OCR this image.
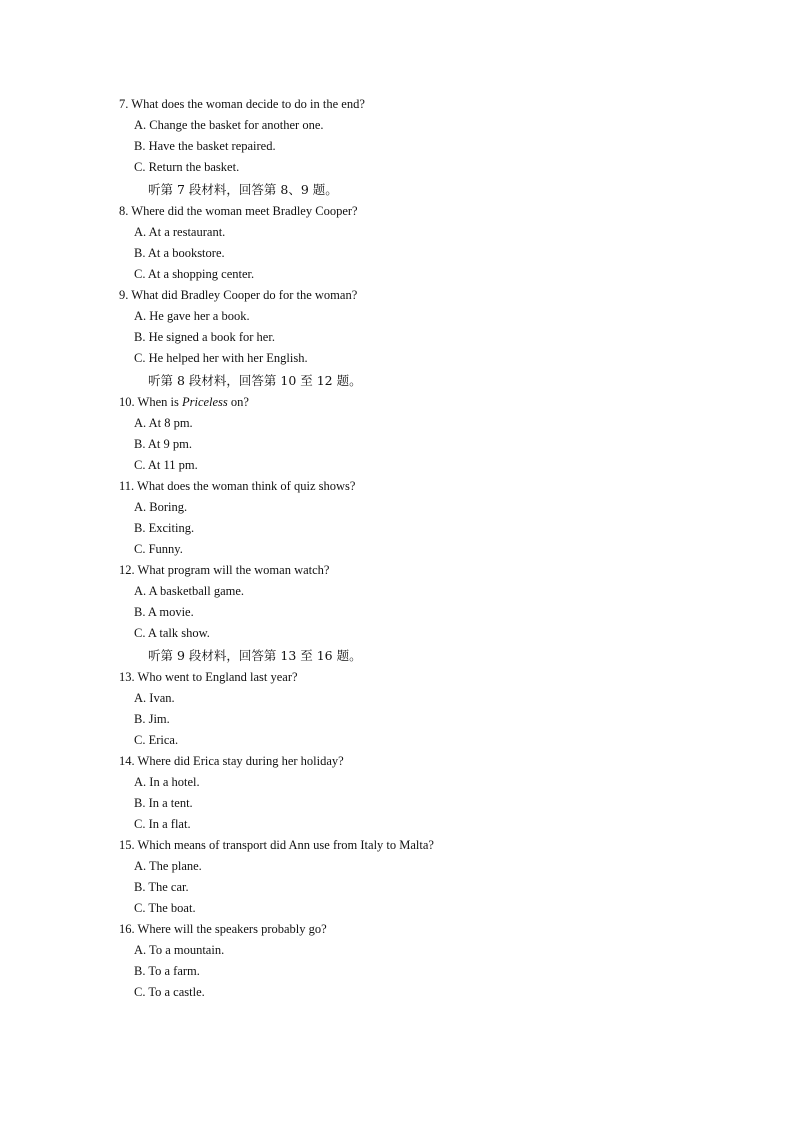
7. What does the woman decide to do in the end?
A. Change the basket for another one.
B. Have the basket repaired.
C. Return the basket.
听第 7 段材料，回答第 8、9 题。
8. Where did the woman meet Bradley Cooper?
A. At a restaurant.
B. At a bookstore.
C. At a shopping center.
9. What did Bradley Cooper do for the woman?
A. He gave her a book.
B. He signed a book for her.
C. He helped her with her English.
听第 8 段材料，回答第 10 至 12 题。
10. When is Priceless on?
A. At 8 pm.
B. At 9 pm.
C. At 11 pm.
11. What does the woman think of quiz shows?
A. Boring.
B. Exciting.
C. Funny.
12. What program will the woman watch?
A. A basketball game.
B. A movie.
C. A talk show.
听第 9 段材料，回答第 13 至 16 题。
13. Who went to England last year?
A. Ivan.
B. Jim.
C. Erica.
14. Where did Erica stay during her holiday?
A. In a hotel.
B. In a tent.
C. In a flat.
15. Which means of transport did Ann use from Italy to Malta?
A. The plane.
B. The car.
C. The boat.
16. Where will the speakers probably go?
A. To a mountain.
B. To a farm.
C. To a castle.
